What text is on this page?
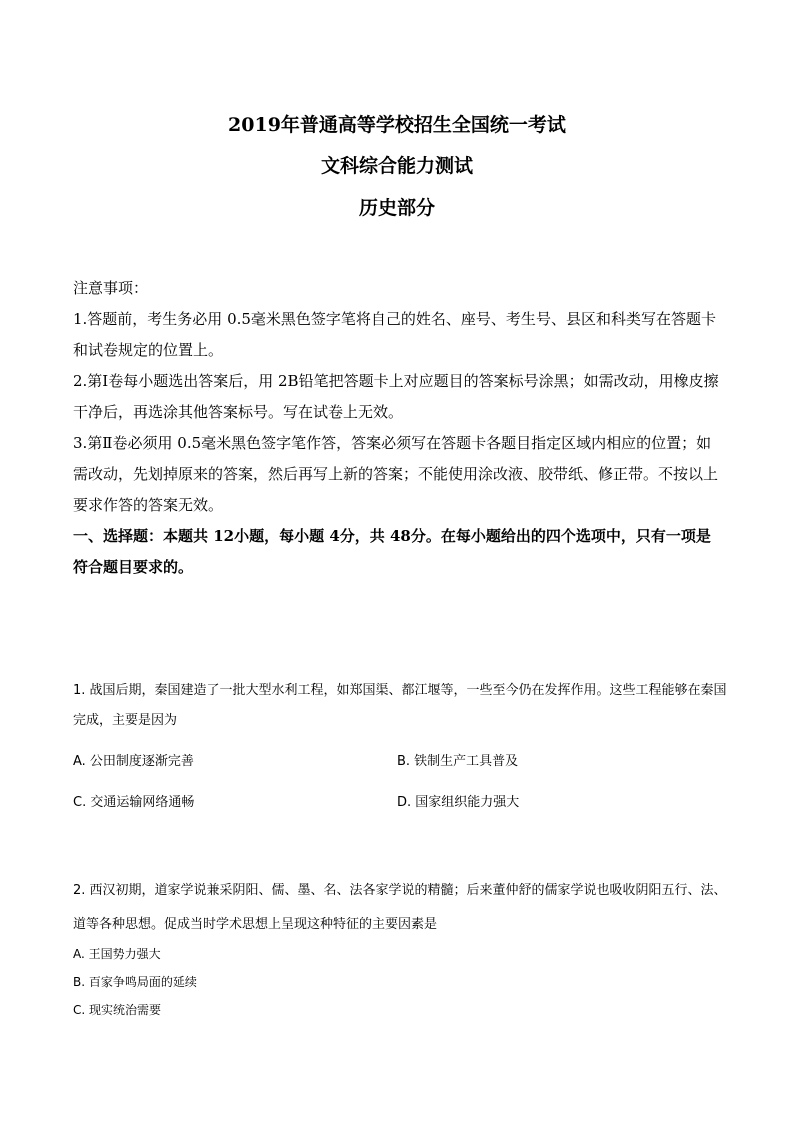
2019年普通高等学校招生全国统一考试
文科综合能力测试
历史部分

注意事项：

1.答题前，考生务必用 0.5毫米黑色签字笔将自己的姓名、座号、考生号、县区和科类写在答题卡和试卷规定的位置上。

2.第Ⅰ卷每小题选出答案后，用 2B铅笔把答题卡上对应题目的答案标号涂黑；如需改动，用橡皮擦干净后，再选涂其他答案标号。写在试卷上无效。

3.第Ⅱ卷必须用 0.5毫米黑色签字笔作答，答案必须写在答题卡各题目指定区域内相应的位置；如需改动，先划掉原来的答案，然后再写上新的答案；不能使用涂改液、胶带纸、修正带。不按以上要求作答的答案无效。

一、选择题：本题共 12小题，每小题 4分，共 48分。在每小题给出的四个选项中，只有一项是符合题目要求的。

1. 战国后期，秦国建造了一批大型水利工程，如郑国渠、都江堰等，一些至今仍在发挥作用。这些工程能够在秦国完成，主要是因为

A. 公田制度逐渐完善	B. 铁制生产工具普及
C. 交通运输网络通畅	D. 国家组织能力强大

2. 西汉初期，道家学说兼采阴阳、儒、墨、名、法各家学说的精髓；后来董仲舒的儒家学说也吸收阴阳五行、法、道等各种思想。促成当时学术思想上呈现这种特征的主要因素是

A. 王国势力强大
B. 百家争鸣局面的延续
C. 现实统治需要
